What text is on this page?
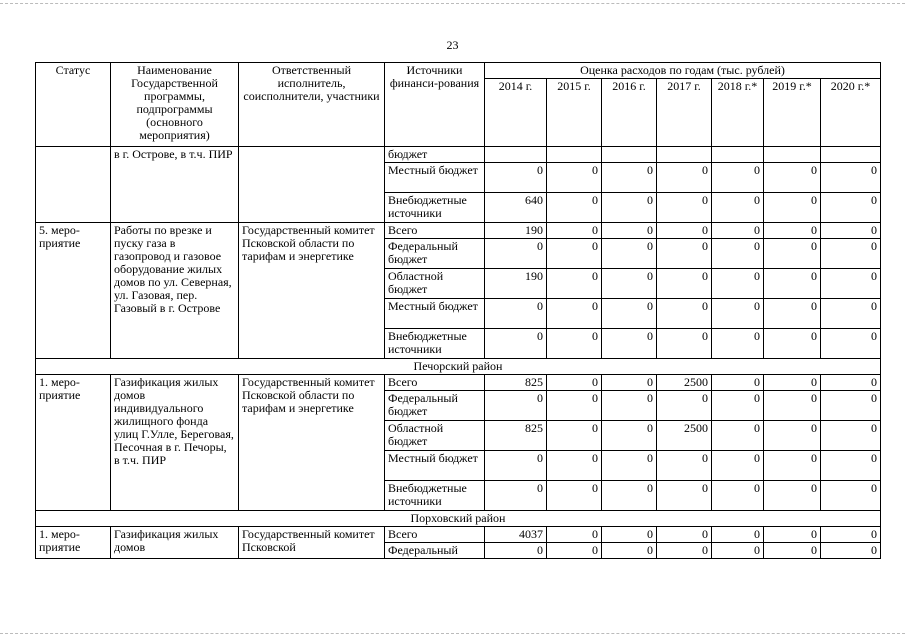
23
Статус	Наименование Государственной программы, подпрограммы (основного мероприятия)	Ответственный исполнитель, соисполнители, участники	Источники финанси-рования	Оценка расходов по годам (тыс. рублей)						
				2014 г.	2015 г.	2016 г.	2017 г.	2018 г.*	2019 г.*	2020 г.*
	в г. Острове, в т.ч. ПИР		бюджет							
			Местный бюджет	0	0	0	0	0	0	0
			Внебюджетные источники	640	0	0	0	0	0	0
5. меро-приятие	Работы по врезке и пуску газа в газопровод и газовое оборудование жилых домов по ул. Северная, ул. Газовая, пер. Газовый в г. Острове	Государственный комитет Псковской области по тарифам и энергетике	Всего	190	0	0	0	0	0	0
			Федеральный бюджет	0	0	0	0	0	0	0
			Областной бюджет	190	0	0	0	0	0	0
			Местный бюджет	0	0	0	0	0	0	0
			Внебюджетные источники	0	0	0	0	0	0	0
Печорский район										
1. меро-приятие	Газификация жилых домов индивидуального жилищного фонда улиц Г.Улле, Береговая, Песочная в г. Печоры, в т.ч. ПИР	Государственный комитет Псковской области по тарифам и энергетике	Всего	825	0	0	2500	0	0	0
			Федеральный бюджет	0	0	0	0	0	0	0
			Областной бюджет	825	0	0	2500	0	0	0
			Местный бюджет	0	0	0	0	0	0	0
			Внебюджетные источники	0	0	0	0	0	0	0
Порховский район										
1. меро-приятие	Газификация жилых домов	Государственный комитет Псковской	Всего	4037	0	0	0	0	0	0
			Федеральный	0	0	0	0	0	0	0
